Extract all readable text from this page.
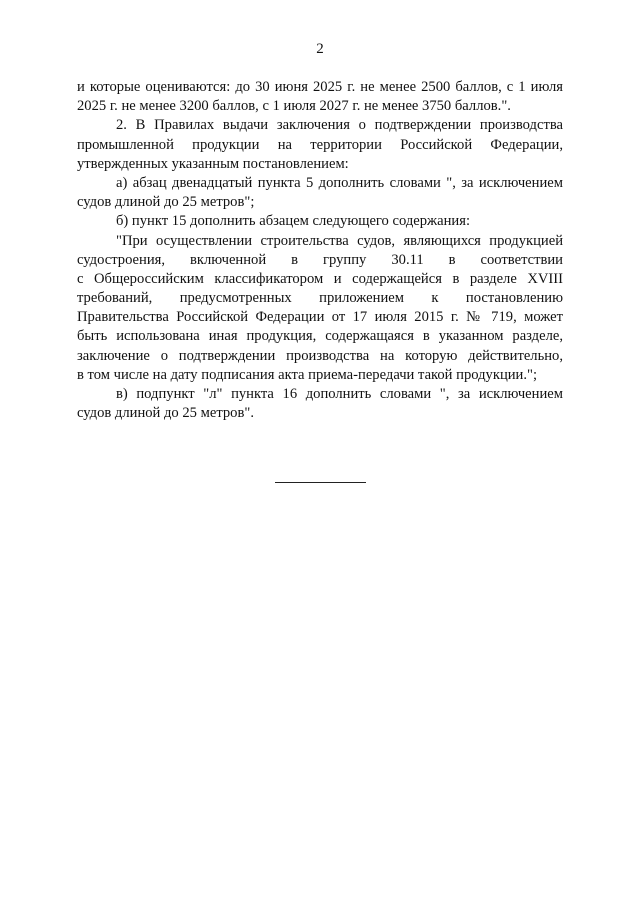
2
и которые оцениваются: до 30 июня 2025 г. не менее 2500 баллов, с 1 июля
2025 г. не менее 3200 баллов, с 1 июля 2027 г. не менее 3750 баллов.".
2. В Правилах выдачи заключения о подтверждении производства
промышленной продукции на территории Российской Федерации,
утвержденных указанным постановлением:
а) абзац двенадцатый пункта 5 дополнить словами ", за исключением
судов длиной до 25 метров";
б) пункт 15 дополнить абзацем следующего содержания:
"При осуществлении строительства судов, являющихся продукцией
судостроения, включенной в группу 30.11 в соответствии
с Общероссийским классификатором и содержащейся в разделе XVIII
требований, предусмотренных приложением к постановлению
Правительства Российской Федерации от 17 июля 2015 г. № 719, может
быть использована иная продукция, содержащаяся в указанном разделе,
заключение о подтверждении производства на которую действительно,
в том числе на дату подписания акта приема-передачи такой продукции.";
в) подпункт "л" пункта 16 дополнить словами ", за исключением
судов длиной до 25 метров".
